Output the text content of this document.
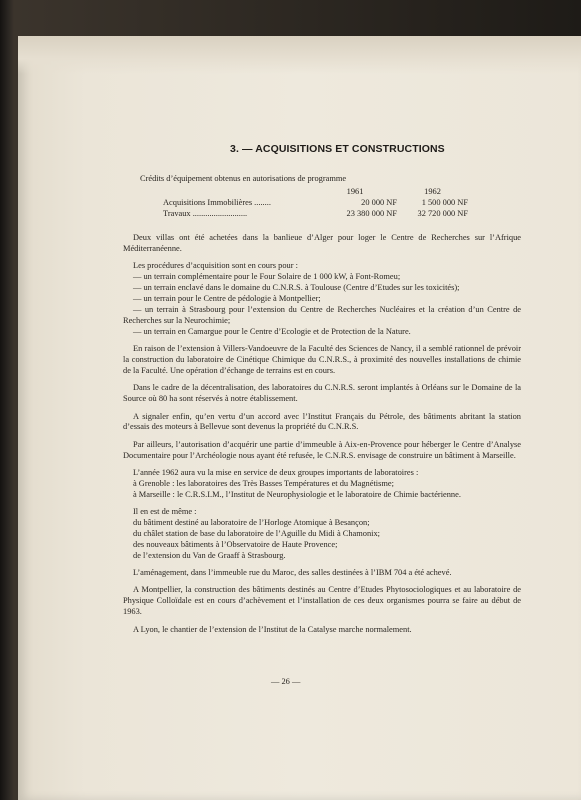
3. — ACQUISITIONS ET CONSTRUCTIONS
Crédits d’équipement obtenus en autorisations de programme
	1961	1962
Acquisitions Immobilières ........	20 000 NF	1 500 000 NF
Travaux ..........................	23 380 000 NF	32 720 000 NF

Deux villas ont été achetées dans la banlieue d’Alger pour loger le Centre de Recherches sur l’Afrique Méditerranéenne.

Les procédures d’acquisition sont en cours pour :
— un terrain complémentaire pour le Four Solaire de 1 000 kW, à Font-Romeu;
— un terrain enclavé dans le domaine du C.N.R.S. à Toulouse (Centre d’Etudes sur les toxicités);
— un terrain pour le Centre de pédologie à Montpellier;
— un terrain à Strasbourg pour l’extension du Centre de Recherches Nucléaires et la création d’un Centre de Recherches sur la Neurochimie;
— un terrain en Camargue pour le Centre d’Ecologie et de Protection de la Nature.

En raison de l’extension à Villers-Vandoeuvre de la Faculté des Sciences de Nancy, il a semblé rationnel de prévoir la construction du laboratoire de Cinétique Chimique du C.N.R.S., à proximité des nouvelles installations de chimie de la Faculté. Une opération d’échange de terrains est en cours.

Dans le cadre de la décentralisation, des laboratoires du C.N.R.S. seront implantés à Orléans sur le Domaine de la Source où 80 ha sont réservés à notre établissement.

A signaler enfin, qu’en vertu d’un accord avec l’Institut Français du Pétrole, des bâtiments abritant la station d’essais des moteurs à Bellevue sont devenus la propriété du C.N.R.S.

Par ailleurs, l’autorisation d’acquérir une partie d’immeuble à Aix-en-Provence pour héberger le Centre d’Analyse Documentaire pour l’Archéologie nous ayant été refusée, le C.N.R.S. envisage de construire un bâtiment à Marseille.

L’année 1962 aura vu la mise en service de deux groupes importants de laboratoires :
à Grenoble : les laboratoires des Très Basses Températures et du Magnétisme;
à Marseille : le C.R.S.I.M., l’Institut de Neurophysiologie et le laboratoire de Chimie bactérienne.

Il en est de même :
du bâtiment destiné au laboratoire de l’Horloge Atomique à Besançon;
du châlet station de base du laboratoire de l’Aguille du Midi à Chamonix;
des nouveaux bâtiments à l’Observatoire de Haute Provence;
de l’extension du Van de Graaff à Strasbourg.

L’aménagement, dans l’immeuble rue du Maroc, des salles destinées à l’IBM 704 a été achevé.

A Montpellier, la construction des bâtiments destinés au Centre d’Etudes Phytosociologiques et au laboratoire de Physique Colloïdale est en cours d’achèvement et l’installation de ces deux organismes pourra se faire au début de 1963.

A Lyon, le chantier de l’extension de l’Institut de la Catalyse marche normalement.

— 26 —
